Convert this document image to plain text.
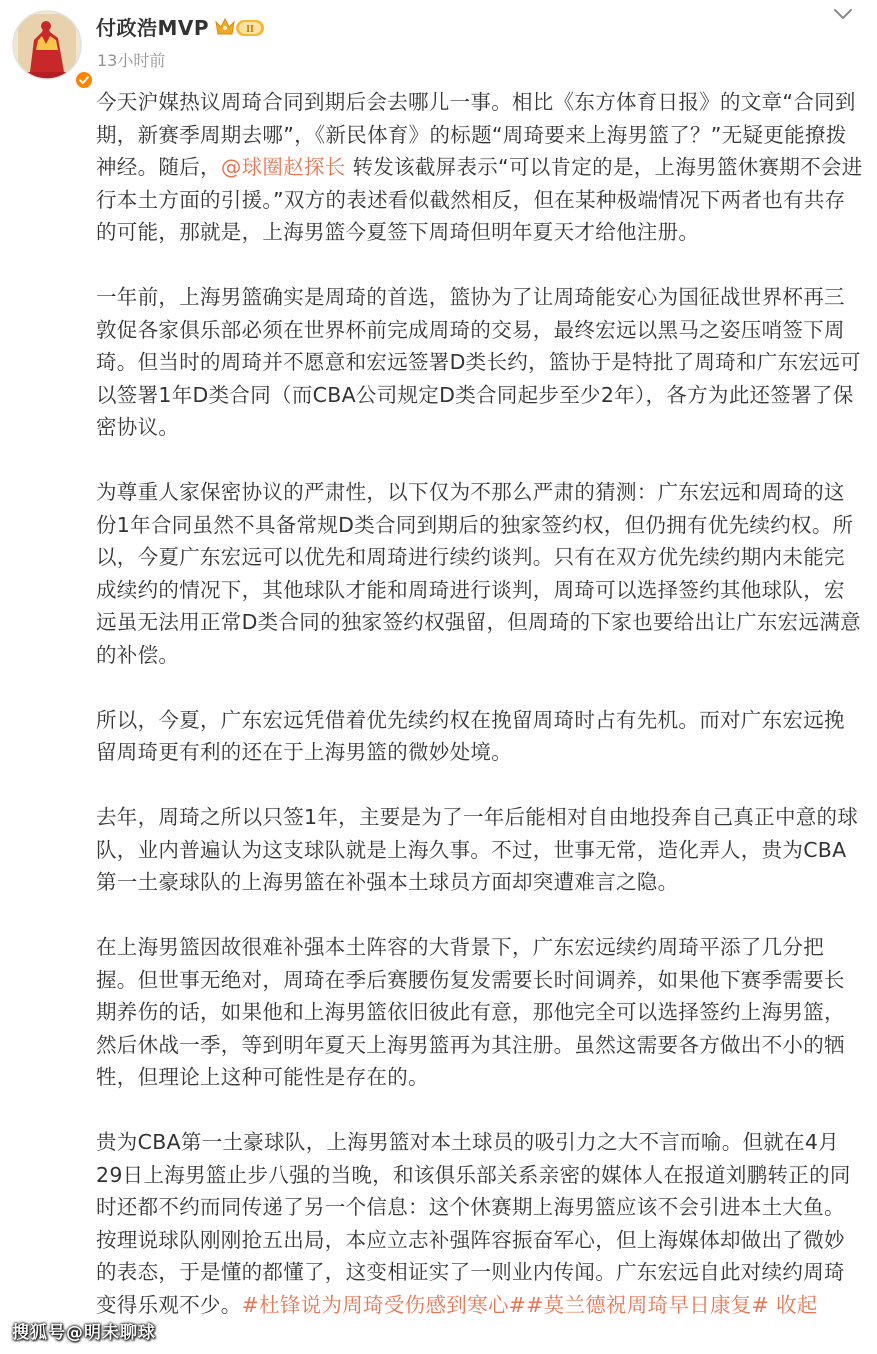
付政浩MVP	II
13小时前

今天沪媒热议周琦合同到期后会去哪儿一事。相比《东方体育日报》的文章“合同到期，新赛季周期去哪”，《新民体育》的标题“周琦要来上海男篮了？”无疑更能撩拨神经。随后，@球圈赵探长 转发该截屏表示“可以肯定的是，上海男篮休赛期不会进行本土方面的引援。”双方的表述看似截然相反，但在某种极端情况下两者也有共存的可能，那就是，上海男篮今夏签下周琦但明年夏天才给他注册。

一年前，上海男篮确实是周琦的首选，篮协为了让周琦能安心为国征战世界杯再三敦促各家俱乐部必须在世界杯前完成周琦的交易，最终宏远以黑马之姿压哨签下周琦。但当时的周琦并不愿意和宏远签署D类长约，篮协于是特批了周琦和广东宏远可以签署1年D类合同（而CBA公司规定D类合同起步至少2年），各方为此还签署了保密协议。

为尊重人家保密协议的严肃性，以下仅为不那么严肃的猜测：广东宏远和周琦的这份1年合同虽然不具备常规D类合同到期后的独家签约权，但仍拥有优先续约权。所以，今夏广东宏远可以优先和周琦进行续约谈判。只有在双方优先续约期内未能完成续约的情况下，其他球队才能和周琦进行谈判，周琦可以选择签约其他球队，宏远虽无法用正常D类合同的独家签约权强留，但周琦的下家也要给出让广东宏远满意的补偿。

所以，今夏，广东宏远凭借着优先续约权在挽留周琦时占有先机。而对广东宏远挽留周琦更有利的还在于上海男篮的微妙处境。

去年，周琦之所以只签1年，主要是为了一年后能相对自由地投奔自己真正中意的球队，业内普遍认为这支球队就是上海久事。不过，世事无常，造化弄人，贵为CBA第一土豪球队的上海男篮在补强本土球员方面却突遭难言之隐。

在上海男篮因故很难补强本土阵容的大背景下，广东宏远续约周琦平添了几分把握。但世事无绝对，周琦在季后赛腰伤复发需要长时间调养，如果他下赛季需要长期养伤的话，如果他和上海男篮依旧彼此有意，那他完全可以选择签约上海男篮，然后休战一季，等到明年夏天上海男篮再为其注册。虽然这需要各方做出不小的牺牲，但理论上这种可能性是存在的。

贵为CBA第一土豪球队，上海男篮对本土球员的吸引力之大不言而喻。但就在4月29日上海男篮止步八强的当晚，和该俱乐部关系亲密的媒体人在报道刘鹏转正的同时还都不约而同传递了另一个信息：这个休赛期上海男篮应该不会引进本土大鱼。按理说球队刚刚抢五出局，本应立志补强阵容振奋军心，但上海媒体却做出了微妙的表态，于是懂的都懂了，这变相证实了一则业内传闻。广东宏远自此对续约周琦变得乐观不少。#杜锋说为周琦受伤感到寒心##莫兰德祝周琦早日康复# 收起

搜狐号@明未聊球
